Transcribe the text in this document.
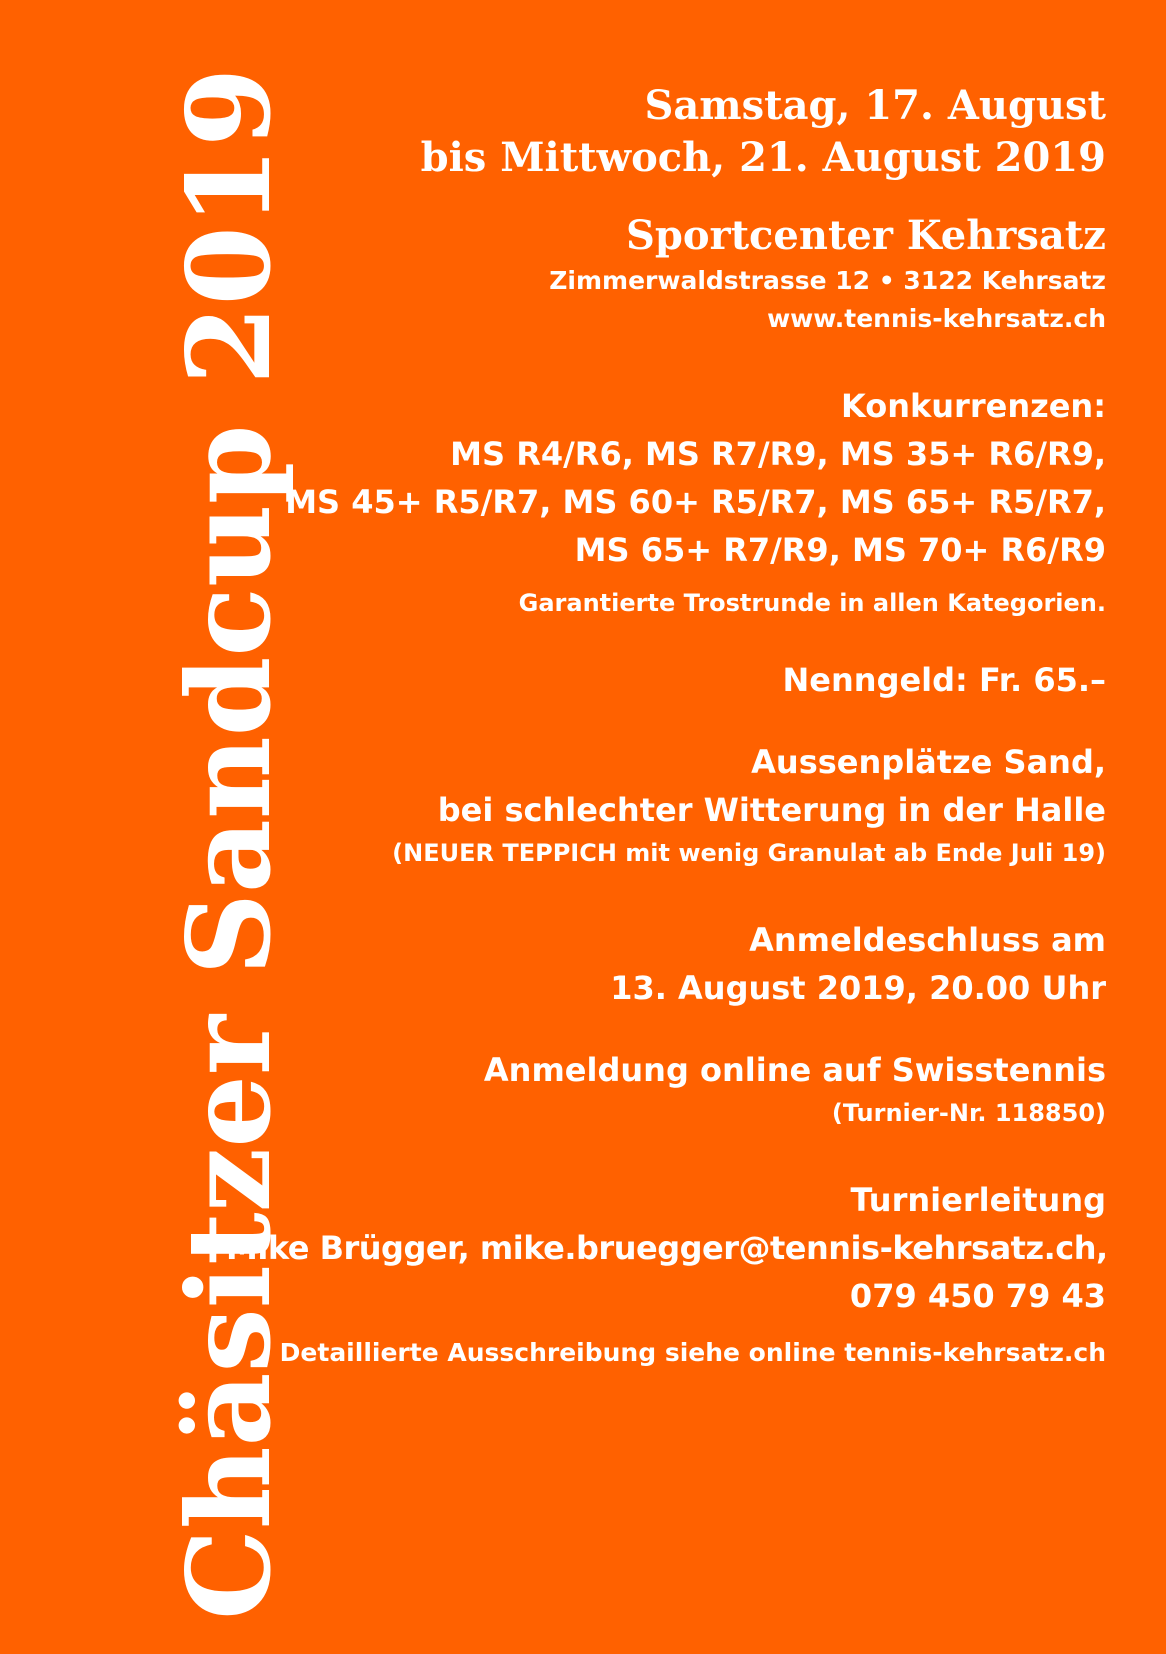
Chäsitzer Sandcup 2019	Samstag, 17. August
bis Mittwoch, 21. August 2019
Sportcenter Kehrsatz
Zimmerwaldstrasse 12 • 3122 Kehrsatz
www.tennis-kehrsatz.ch
Konkurrenzen:
MS R4/R6, MS R7/R9, MS 35+ R6/R9,
MS 45+ R5/R7, MS 60+ R5/R7, MS 65+ R5/R7,
MS 65+ R7/R9, MS 70+ R6/R9
Garantierte Trostrunde in allen Kategorien.
Nenngeld: Fr. 65.–
Aussenplätze Sand,
bei schlechter Witterung in der Halle
(NEUER TEPPICH mit wenig Granulat ab Ende Juli 19)
Anmeldeschluss am
13. August 2019, 20.00 Uhr
Anmeldung online auf Swisstennis
(Turnier-Nr. 118850)
Turnierleitung
Mike Brügger, mike.bruegger@tennis-kehrsatz.ch,
079 450 79 43
Detaillierte Ausschreibung siehe online tennis-kehrsatz.ch
